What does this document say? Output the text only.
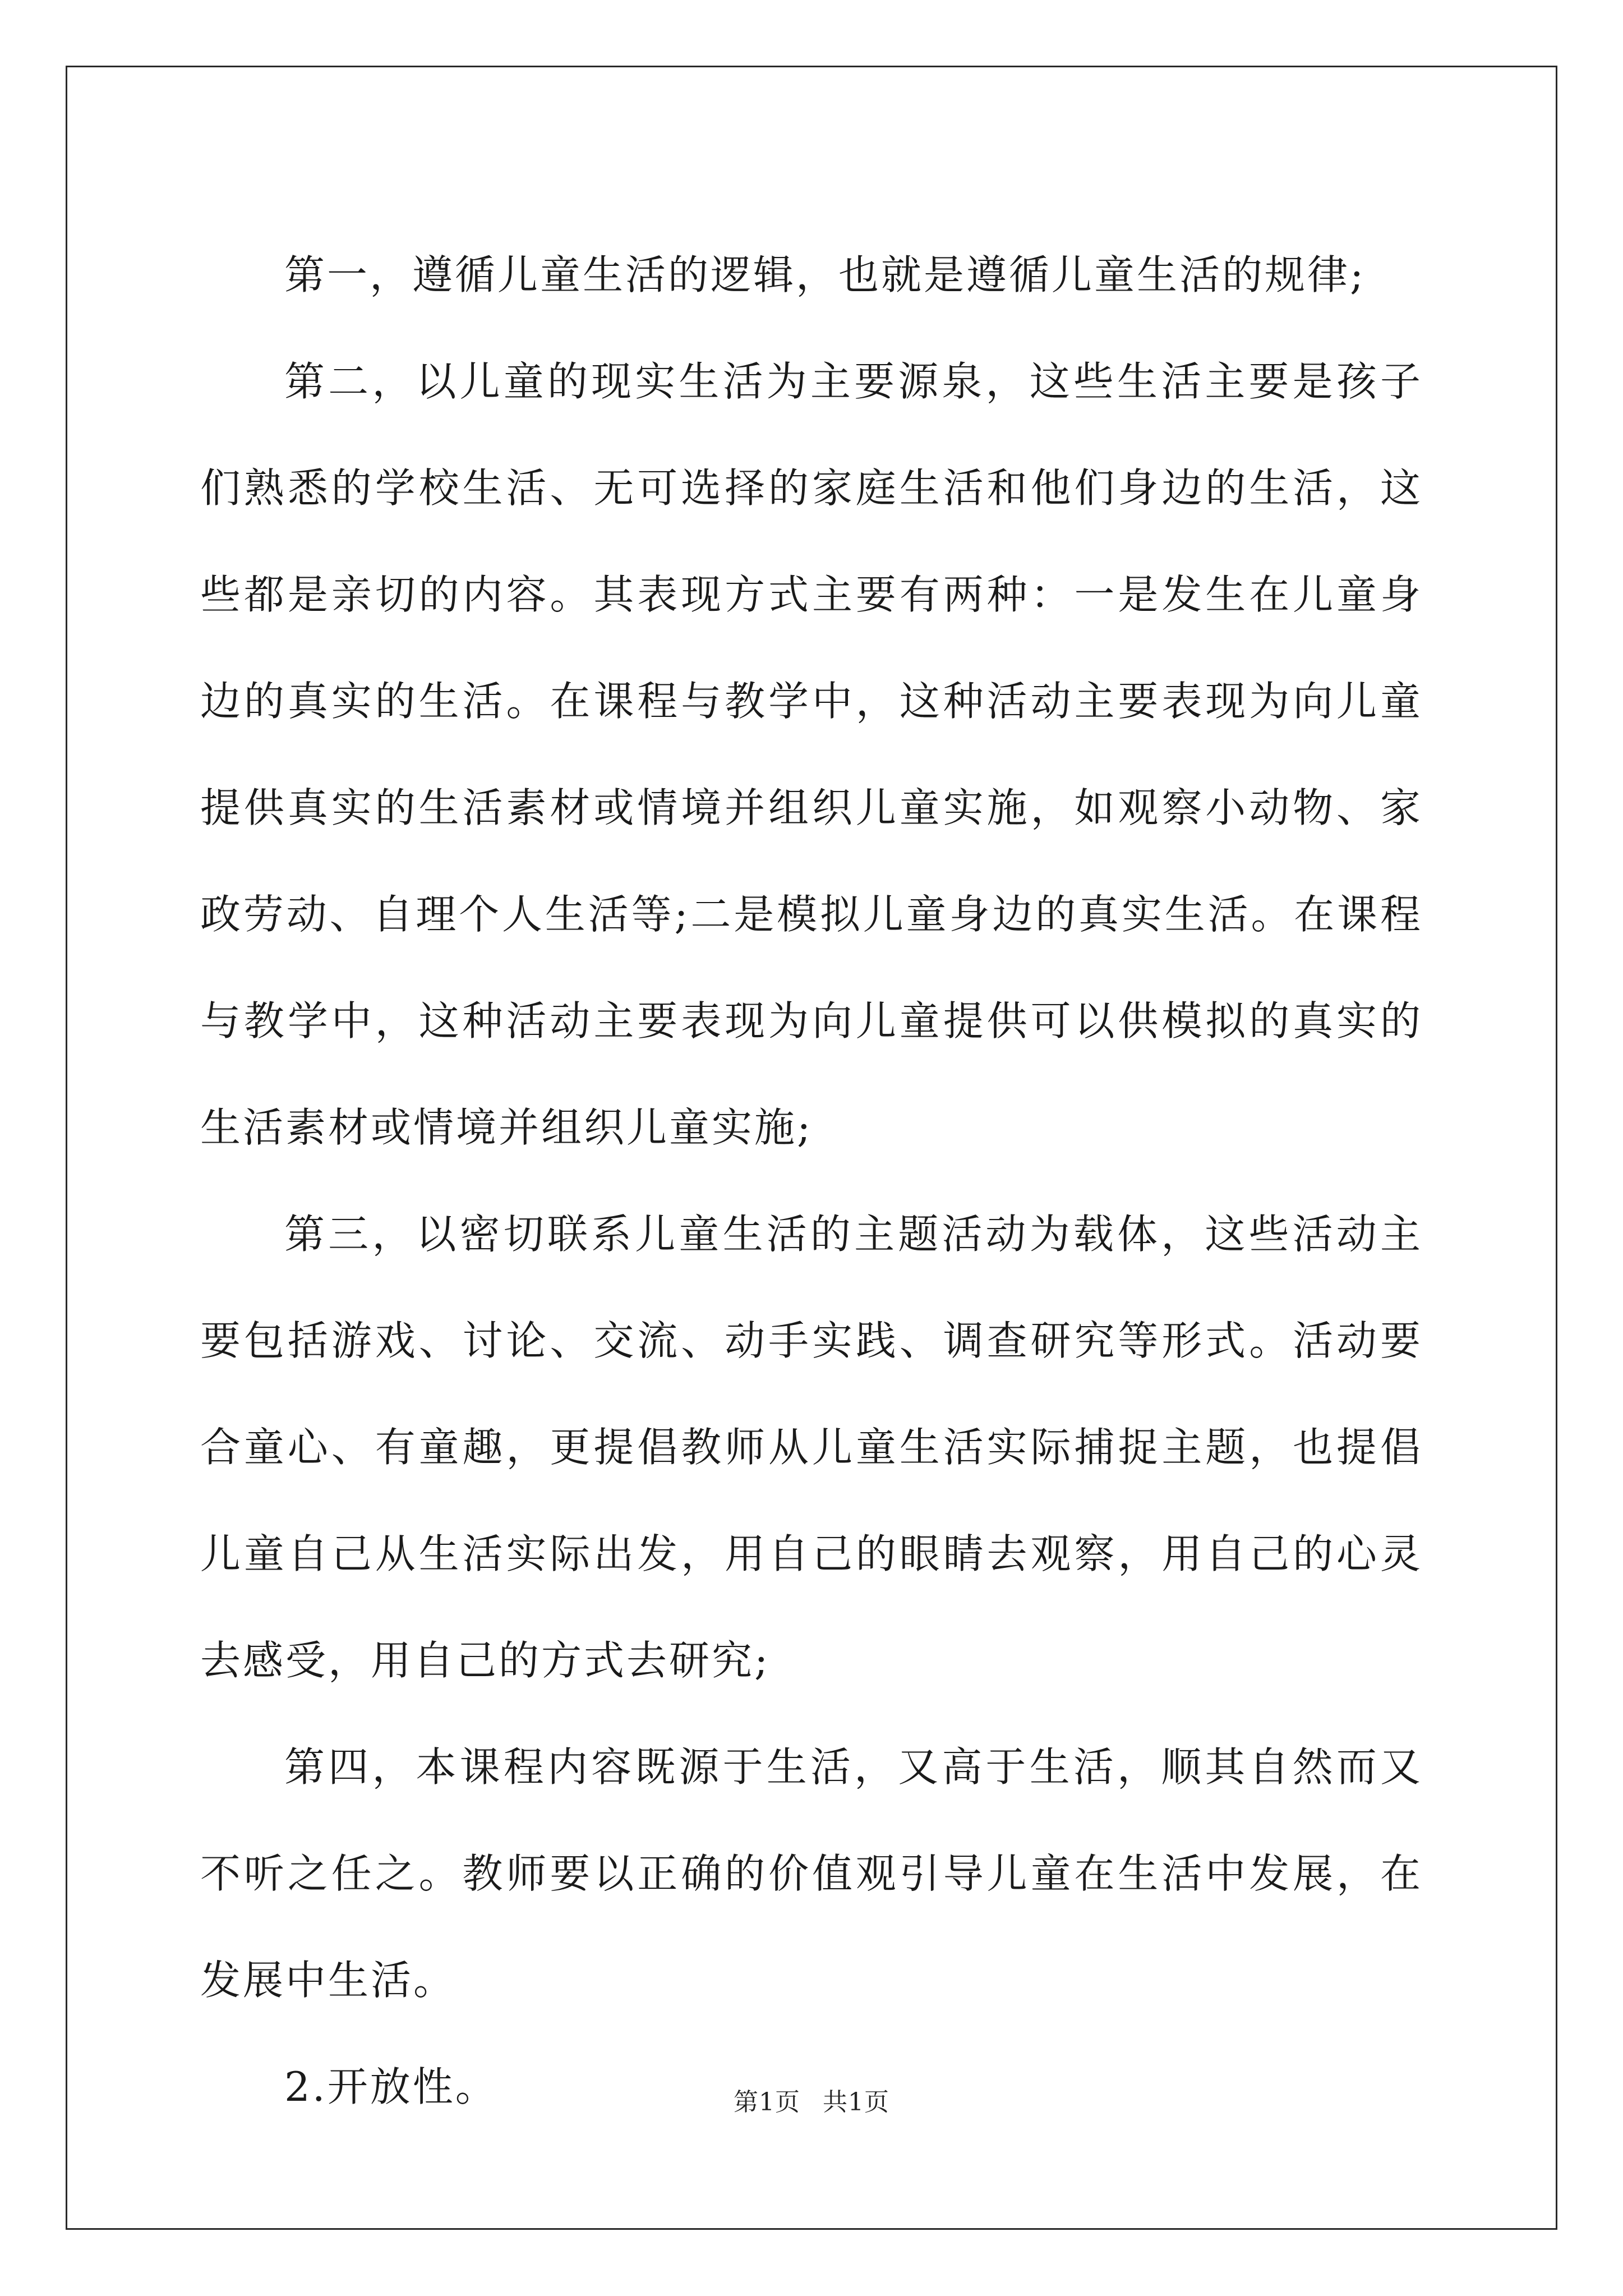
第一，遵循儿童生活的逻辑，也就是遵循儿童生活的规律;

第二，以儿童的现实生活为主要源泉，这些生活主要是孩子们熟悉的学校生活、无可选择的家庭生活和他们身边的生活，这些都是亲切的内容。其表现方式主要有两种：一是发生在儿童身边的真实的生活。在课程与教学中，这种活动主要表现为向儿童提供真实的生活素材或情境并组织儿童实施，如观察小动物、家政劳动、自理个人生活等;二是模拟儿童身边的真实生活。在课程与教学中，这种活动主要表现为向儿童提供可以供模拟的真实的生活素材或情境并组织儿童实施;

第三，以密切联系儿童生活的主题活动为载体，这些活动主要包括游戏、讨论、交流、动手实践、调查研究等形式。活动要合童心、有童趣，更提倡教师从儿童生活实际捕捉主题，也提倡儿童自己从生活实际出发，用自己的眼睛去观察，用自己的心灵去感受，用自己的方式去研究;

第四，本课程内容既源于生活，又高于生活，顺其自然而又不听之任之。教师要以正确的价值观引导儿童在生活中发展，在发展中生活。

2.开放性。	第1页 共1页
